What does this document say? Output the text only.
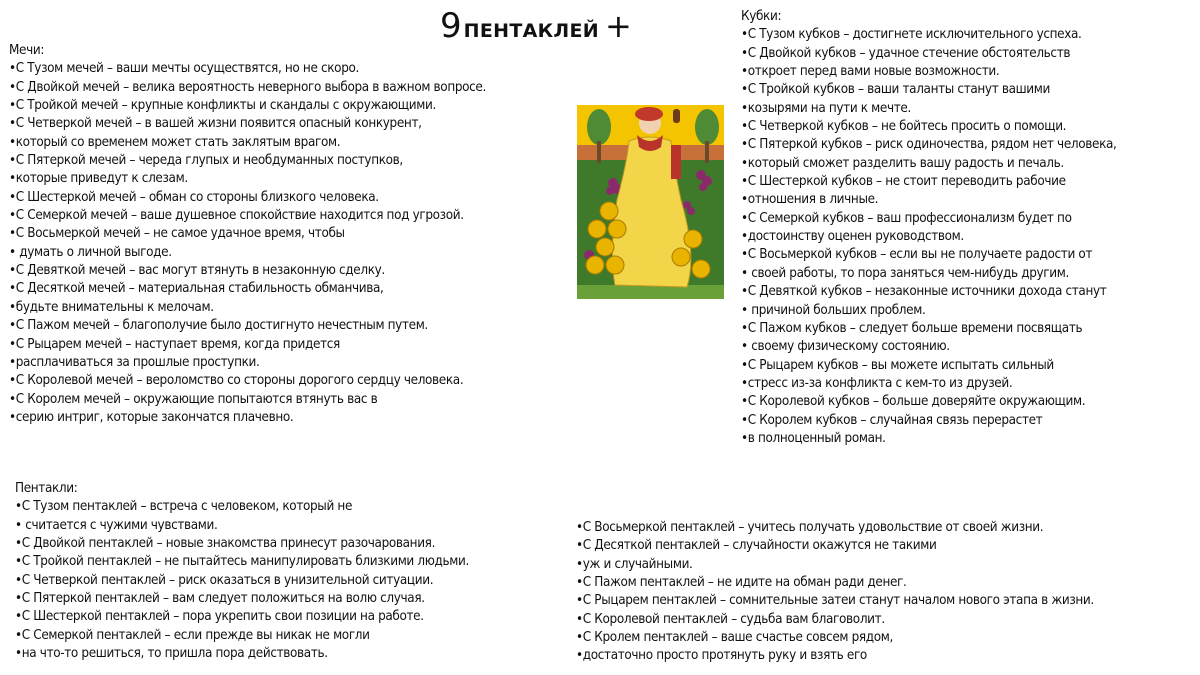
9 ПЕНТАКЛЕЙ +
Мечи:
•С Тузом мечей – ваши мечты осуществятся, но не скоро.
•С Двойкой мечей – велика вероятность неверного выбора в важном вопросе.
•С Тройкой мечей – крупные конфликты и скандалы с окружающими.
•С Четверкой мечей – в вашей жизни появится опасный конкурент,
•который со временем может стать заклятым врагом.
•С Пятеркой мечей – череда глупых и необдуманных поступков,
•которые приведут к слезам.
•С Шестеркой мечей – обман со стороны близкого человека.
•С Семеркой мечей – ваше душевное спокойствие находится под угрозой.
•С Восьмеркой мечей – не самое удачное время, чтобы
• думать о личной выгоде.
•С Девяткой мечей – вас могут втянуть в незаконную сделку.
•С Десяткой мечей – материальная стабильность обманчива,
•будьте внимательны к мелочам.
•С Пажом мечей – благополучие было достигнуто нечестным путем.
•С Рыцарем мечей – наступает время, когда придется
•расплачиваться за прошлые проступки.
•С Королевой мечей – вероломство со стороны дорогого сердцу человека.
•С Королем мечей – окружающие попытаются втянуть вас в
•серию интриг, которые закончатся плачевно.
Кубки:
•С Тузом кубков – достигнете исключительного успеха.
•С Двойкой кубков – удачное стечение обстоятельств
•откроет перед вами новые возможности.
•С Тройкой кубков – ваши таланты станут вашими
•козырями на пути к мечте.
•С Четверкой кубков – не бойтесь просить о помощи.
•С Пятеркой кубков – риск одиночества, рядом нет человека,
•который сможет разделить вашу радость и печаль.
•С Шестеркой кубков – не стоит переводить рабочие
•отношения в личные.
•С Семеркой кубков – ваш профессионализм будет по
•достоинству оценен руководством.
•С Восьмеркой кубков – если вы не получаете радости от
• своей работы, то пора заняться чем-нибудь другим.
•С Девяткой кубков – незаконные источники дохода станут
• причиной больших проблем.
•С Пажом кубков – следует больше времени посвящать
• своему физическому состоянию.
•С Рыцарем кубков – вы можете испытать сильный
•стресс из-за конфликта с кем-то из друзей.
•С Королевой кубков – больше доверяйте окружающим.
•С Королем кубков – случайная связь перерастет
•в полноценный роман.
Пентакли:
•С Тузом пентаклей – встреча с человеком, который не
• считается с чужими чувствами.
•С Двойкой пентаклей – новые знакомства принесут разочарования.
•С Тройкой пентаклей – не пытайтесь манипулировать близкими людьми.
•С Четверкой пентаклей – риск оказаться в унизительной ситуации.
•С Пятеркой пентаклей – вам следует положиться на волю случая.
•С Шестеркой пентаклей – пора укрепить свои позиции на работе.
•С Семеркой пентаклей – если прежде вы никак не могли
•на что-то решиться, то пришла пора действовать.
•С Восьмеркой пентаклей – учитесь получать удовольствие от своей жизни.
•С Десяткой пентаклей – случайности окажутся не такими
•уж и случайными.
•С Пажом пентаклей – не идите на обман ради денег.
•С Рыцарем пентаклей – сомнительные затеи станут началом нового этапа в жизни.
•С Королевой пентаклей – судьба вам благоволит.
•С Кролем пентаклей – ваше счастье совсем рядом,
•достаточно просто протянуть руку и взять его
